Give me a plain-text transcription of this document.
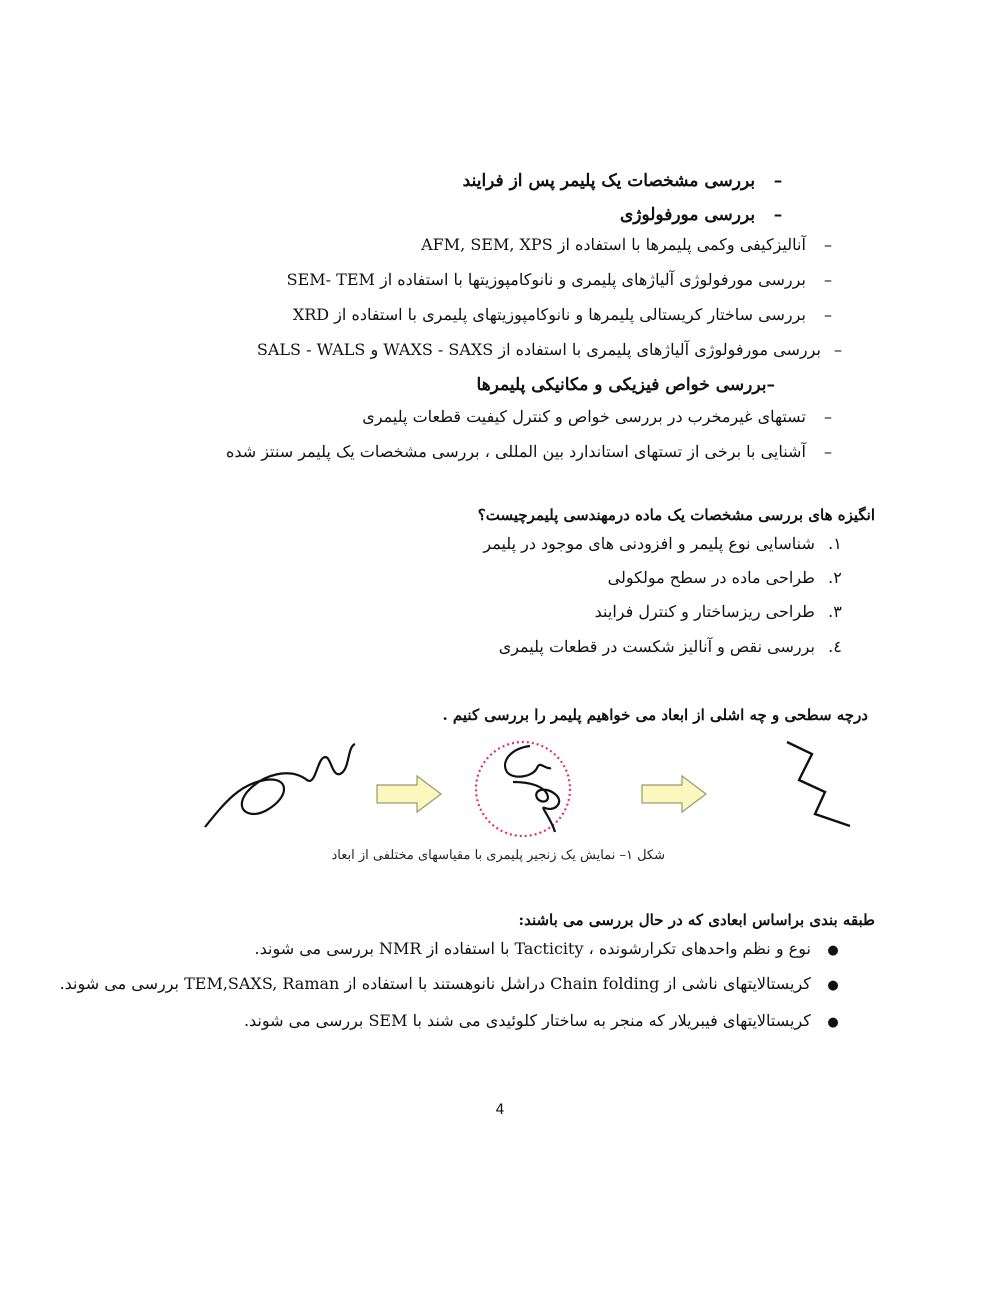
– بررسی مشخصات یک پلیمر پس از فرایند
– بررسی مورفولوژی
– آنالیزکیفی وکمی پلیمرها با استفاده از AFM, SEM, XPS
– بررسی مورفولوژی آلیاژهای پلیمری و نانوکامپوزیتها با استفاده از SEM- TEM
– بررسی ساختار کریستالی پلیمرها و نانوکامپوزیتهای پلیمری با استفاده از XRD
– بررسی مورفولوژی آلیاژهای پلیمری با استفاده از WAXS - SAXS و SALS - WALS
–بررسی خواص فیزیکی و مکانیکی پلیمرها
– تستهای غیرمخرب در بررسی خواص و کنترل کیفیت قطعات پلیمری
– آشنایی با برخی از تستهای استاندارد بین المللی ، بررسی مشخصات یک پلیمر سنتز شده
انگیزه های بررسی مشخصات یک ماده درمهندسی پلیمرچیست؟
۱. شناسایی نوع پلیمر و افزودنی های موجود در پلیمر
۲. طراحی ماده در سطح مولکولی
۳. طراحی ریزساختار و کنترل فرایند
٤. بررسی نقص و آنالیز شکست در قطعات پلیمری
درچه سطحی و چه اشلی از ابعاد می خواهیم پلیمر را بررسی کنیم .
شکل ١– نمایش یک زنجیر پلیمری با مقیاسهای مختلفی از ابعاد
طبقه بندی براساس ابعادی که در حال بررسی می باشند:
● نوع و نظم واحدهای تکرارشونده ، Tacticity با استفاده از NMR بررسی می شوند.
● کریستالایتهای ناشی از Chain folding دراشل نانوهستند با استفاده از TEM,SAXS, Raman بررسی می شوند.
● کریستالایتهای فیبریلار که منجر به ساختار کلوئیدی می شند با SEM بررسی می شوند.
4
